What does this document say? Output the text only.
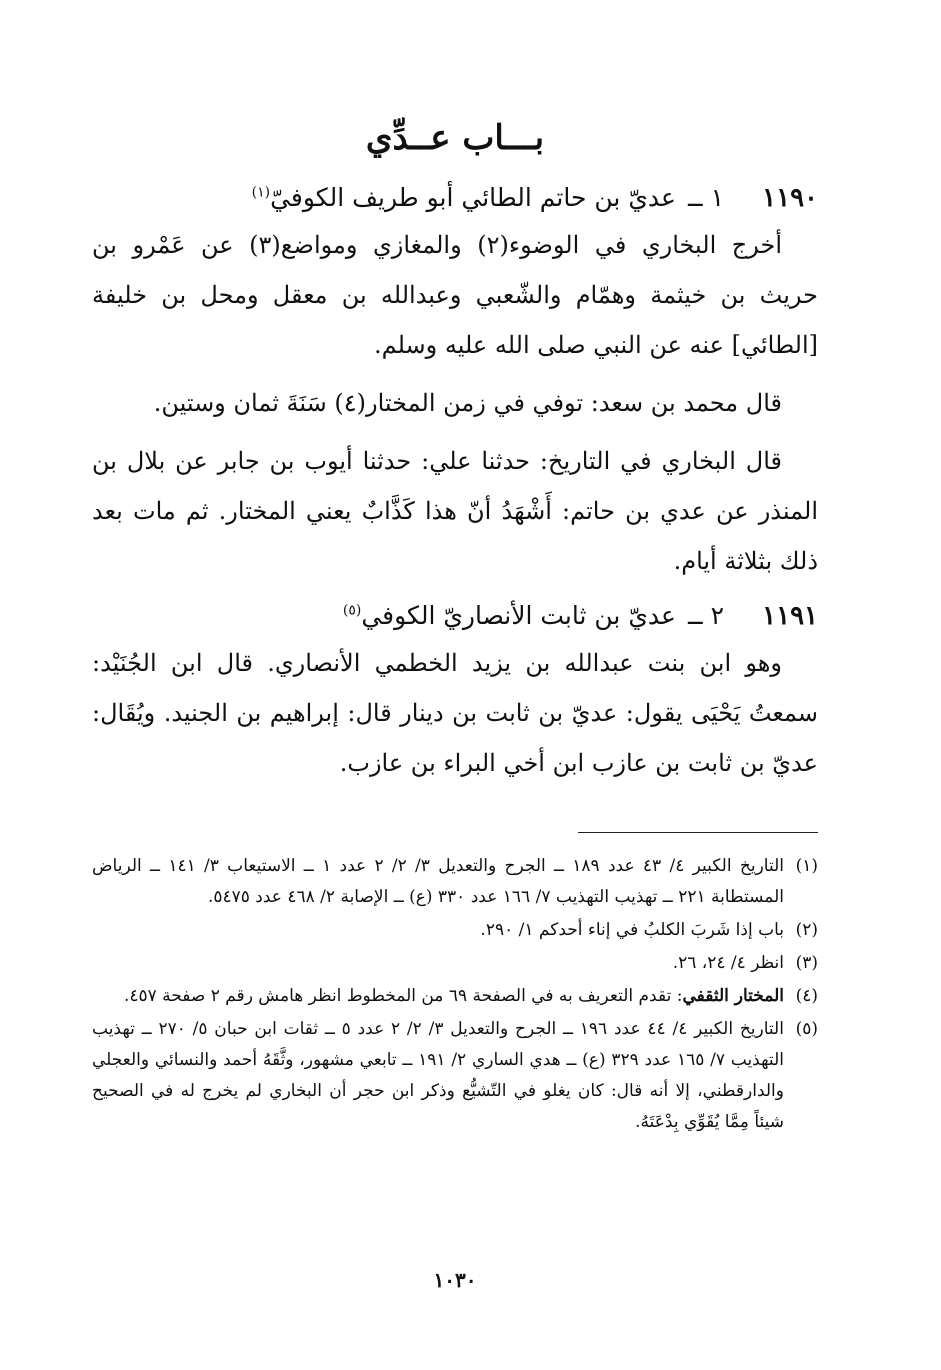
بـــاب عــدِّي
١١٩٠
١ ــ
عديّ بن حاتم الطائي أبو طريف الكوفيّ$^{(١)}$

أخرج البخاري في الوضوء(٢) والمغازي ومواضع(٣) عن عَمْرو بن حريث بن خيثمة وهمّام والشّعبي وعبدالله بن معقل ومحل بن خليفة [الطائي] عنه عن النبي صلى الله عليه وسلم.

قال محمد بن سعد: توفي في زمن المختار(٤) سَنَةَ ثمان وستين.

قال البخاري في التاريخ: حدثنا علي: حدثنا أيوب بن جابر عن بلال بن المنذر عن عدي بن حاتم: أَشْهَدُ أنّ هذا كَذَّابٌ يعني المختار. ثم مات بعد ذلك بثلاثة أيام.

١١٩١
٢ ــ
عديّ بن ثابت الأنصاريّ الكوفي$^{(٥)}$

وهو ابن بنت عبدالله بن يزيد الخطمي الأنصاري. قال ابن الجُنَيْد: سمعتُ يَحْيَى يقول: عديّ بن ثابت بن دينار قال: إبراهيم بن الجنيد. ويُقَال: عديّ بن ثابت بن عازب ابن أخي البراء بن عازب.

(١)
التاريخ الكبير ٤/ ٤٣ عدد ١٨٩ ــ الجرح والتعديل ٣/ ٢/ ٢ عدد ١ ــ الاستيعاب ٣/ ١٤١ ــ الرياض المستطابة ٢٢١ ــ تهذيب التهذيب ٧/ ١٦٦ عدد ٣٣٠ (ع) ــ الإصابة ٢/ ٤٦٨ عدد ٥٤٧٥.
(٢)
باب إذا شَربَ الكلبُ في إناء أحدكم ١/ ٢٩٠.
(٣)
انظر ٤/ ٢٤، ٢٦.
(٤)
المختار الثقفي: تقدم التعريف به في الصفحة ٦٩ من المخطوط انظر هامش رقم ٢ صفحة ٤٥٧.
(٥)
التاريخ الكبير ٤/ ٤٤ عدد ١٩٦ ــ الجرح والتعديل ٣/ ٢/ ٢ عدد ٥ ــ ثقات ابن حبان ٥/ ٢٧٠ ــ تهذيب التهذيب ٧/ ١٦٥ عدد ٣٢٩ (ع) ــ هدي الساري ٢/ ١٩١ ــ تابعي مشهور، وثَّقَهُ أحمد والنسائي والعجلي والدارقطني، إلا أنه قال: كان يغلو في التّشيُّع وذكر ابن حجر أن البخاري لم يخرج له في الصحيح شيئاً مِمَّا يُقَوِّي بِدْعَتَهُ.
١٠٣٠
